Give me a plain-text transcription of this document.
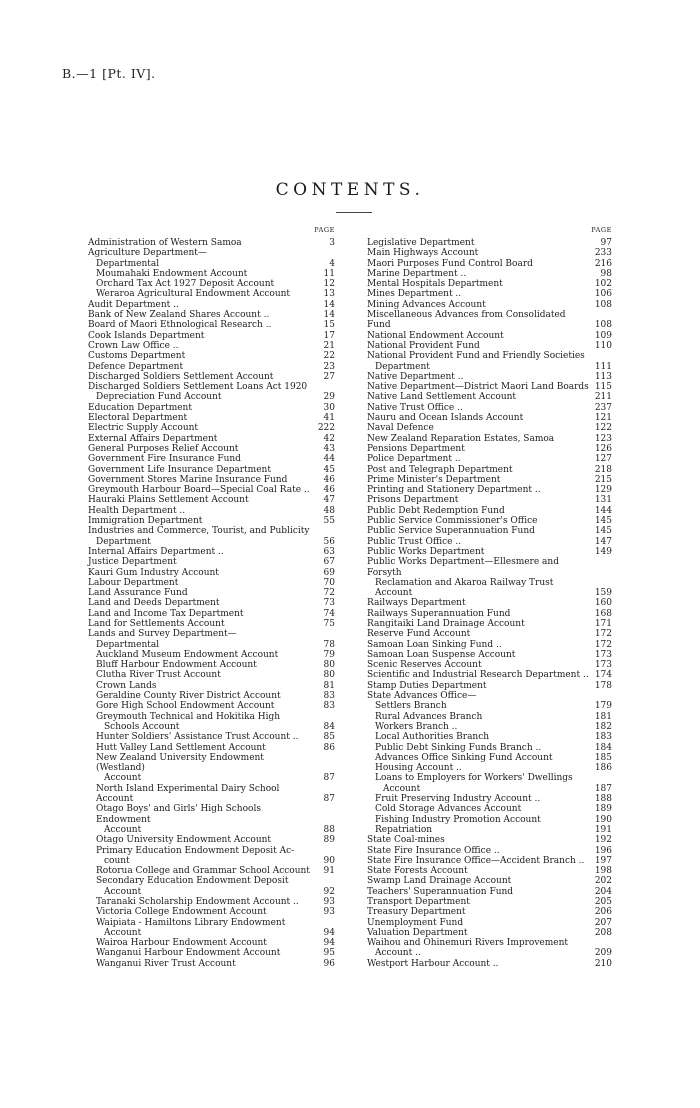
B.—1 [Pt. IV].
CONTENTS.
PAGE
Administration of Western Samoa	3
Agriculture Department—
Departmental	4
Moumahaki Endowment Account	11
Orchard Tax Act 1927 Deposit Account	12
Weraroa Agricultural Endowment Account	13
Audit Department ..	14
Bank of New Zealand Shares Account ..	14
Board of Maori Ethnological Research ..	15
Cook Islands Department	17
Crown Law Office ..	21
Customs Department	22
Defence Department	23
Discharged Soldiers Settlement Account	27
Discharged Soldiers Settlement Loans Act 1920
Depreciation Fund Account	29
Education Department	30
Electoral Department	41
Electric Supply Account	222
External Affairs Department	42
General Purposes Relief Account	43
Government Fire Insurance Fund	44
Government Life Insurance Department	45
Government Stores Marine Insurance Fund	46
Greymouth Harbour Board—Special Coal Rate ..	46
Hauraki Plains Settlement Account	47
Health Department ..	48
Immigration Department	55
Industries and Commerce, Tourist, and Publicity
Department	56
Internal Affairs Department ..	63
Justice Department	67
Kauri Gum Industry Account	69
Labour Department	70
Land Assurance Fund	72
Land and Deeds Department	73
Land and Income Tax Department	74
Land for Settlements Account	75
Lands and Survey Department—
Departmental	78
Auckland Museum Endowment Account	79
Bluff Harbour Endowment Account	80
Clutha River Trust Account	80
Crown Lands	81
Geraldine County River District Account	83
Gore High School Endowment Account	83
Greymouth Technical and Hokitika High
Schools Account	84
Hunter Soldiers' Assistance Trust Account ..	85
Hutt Valley Land Settlement Account	86
New Zealand University Endowment (Westland)
Account	87
North Island Experimental Dairy School Account	87
Otago Boys' and Girls' High Schools Endowment
Account	88
Otago University Endowment Account	89
Primary Education Endowment Deposit Ac-
count	90
Rotorua College and Grammar School Account	91
Secondary Education Endowment Deposit
Account	92
Taranaki Scholarship Endowment Account ..	93
Victoria College Endowment Account	93
Waipiata - Hamiltons Library Endowment
Account	94
Wairoa Harbour Endowment Account	94
Wanganui Harbour Endowment Account	95
Wanganui River Trust Account	96
PAGE
Legislative Department	97
Main Highways Account	233
Maori Purposes Fund Control Board	216
Marine Department ..	98
Mental Hospitals Department	102
Mines Department ..	106
Mining Advances Account	108
Miscellaneous Advances from Consolidated Fund	108
National Endowment Account	109
National Provident Fund	110
National Provident Fund and Friendly Societies
Department	111
Native Department ..	113
Native Department—District Maori Land Boards 115
Native Land Settlement Account	211
Native Trust Office ..	237
Nauru and Ocean Islands Account	121
Naval Defence	122
New Zealand Reparation Estates, Samoa	123
Pensions Department	126
Police Department ..	127
Post and Telegraph Department	218
Prime Minister's Department	215
Printing and Stationery Department ..	129
Prisons Department	131
Public Debt Redemption Fund	144
Public Service Commissioner's Office	145
Public Service Superannuation Fund	145
Public Trust Office ..	147
Public Works Department	149
Public Works Department—Ellesmere and Forsyth
Reclamation and Akaroa Railway Trust Account	159
Railways Department	160
Railways Superannuation Fund	168
Rangitaiki Land Drainage Account	171
Reserve Fund Account	172
Samoan Loan Sinking Fund ..	172
Samoan Loan Suspense Account	173
Scenic Reserves Account	173
Scientific and Industrial Research Department .. 174
Stamp Duties Department	178
State Advances Office—
Settlers Branch	179
Rural Advances Branch	181
Workers Branch ..	182
Local Authorities Branch	183
Public Debt Sinking Funds Branch ..	184
Advances Office Sinking Fund Account	185
Housing Account ..	186
Loans to Employers for Workers' Dwellings
Account	187
Fruit Preserving Industry Account ..	188
Cold Storage Advances Account	189
Fishing Industry Promotion Account	190
Repatriation	191
State Coal-mines	192
State Fire Insurance Office ..	196
State Fire Insurance Office—Accident Branch ..	197
State Forests Account	198
Swamp Land Drainage Account	202
Teachers' Superannuation Fund	204
Transport Department	205
Treasury Department	206
Unemployment Fund	207
Valuation Department	208
Waihou and Ohinemuri Rivers Improvement
Account ..	209
Westport Harbour Account ..	210
